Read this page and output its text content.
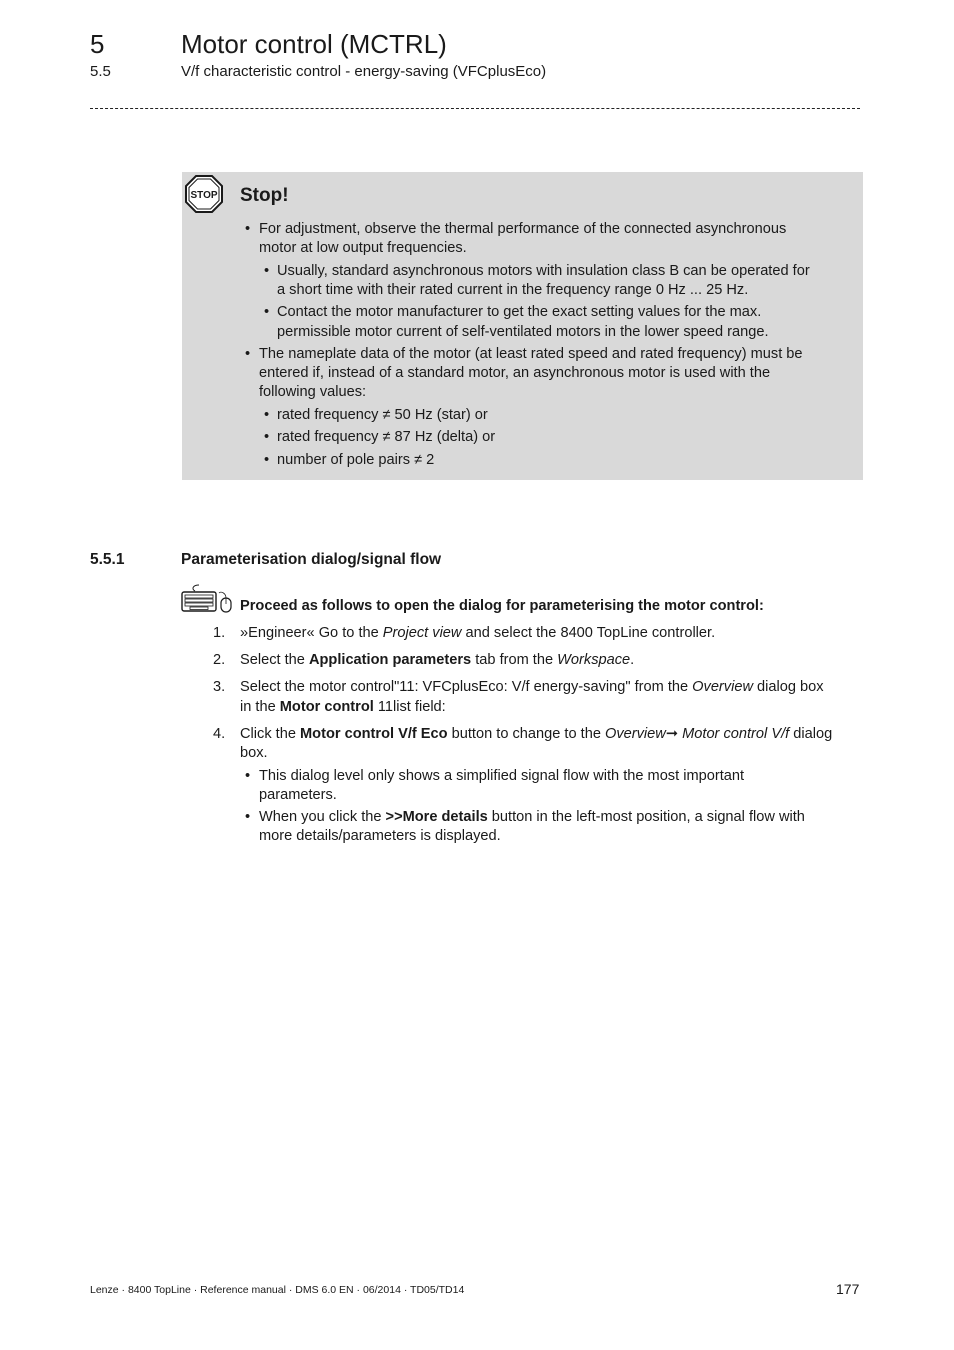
5	Motor control (MCTRL)
5.5	V/f characteristic control - energy-saving (VFCplusEco)
STOP Stop!
• For adjustment, observe the thermal performance of the connected asynchronous
motor at low output frequencies.
• Usually, standard asynchronous motors with insulation class B can be operated for
a short time with their rated current in the frequency range 0 Hz ... 25 Hz.
• Contact the motor manufacturer to get the exact setting values for the max.
permissible motor current of self-ventilated motors in the lower speed range.
• The nameplate data of the motor (at least rated speed and rated frequency) must be
entered if, instead of a standard motor, an asynchronous motor is used with the
following values:
• rated frequency ≠ 50 Hz (star) or
• rated frequency ≠ 87 Hz (delta) or
• number of pole pairs ≠ 2
5.5.1	Parameterisation dialog/signal flow
Proceed as follows to open the dialog for parameterising the motor control:
1. »Engineer« Go to the Project view and select the 8400 TopLine controller.
2. Select the Application parameters tab from the Workspace.
3. Select the motor control"11: VFCplusEco: V/f energy-saving" from the Overview dialog box
in the Motor control 11list field:
4. Click the Motor control V/f Eco button to change to the Overview➞ Motor control V/f dialog
box.
• This dialog level only shows a simplified signal flow with the most important
parameters.
• When you click the >>More details button in the left-most position, a signal flow with
more details/parameters is displayed.
Lenze · 8400 TopLine · Reference manual · DMS 6.0 EN · 06/2014 · TD05/TD14	177
